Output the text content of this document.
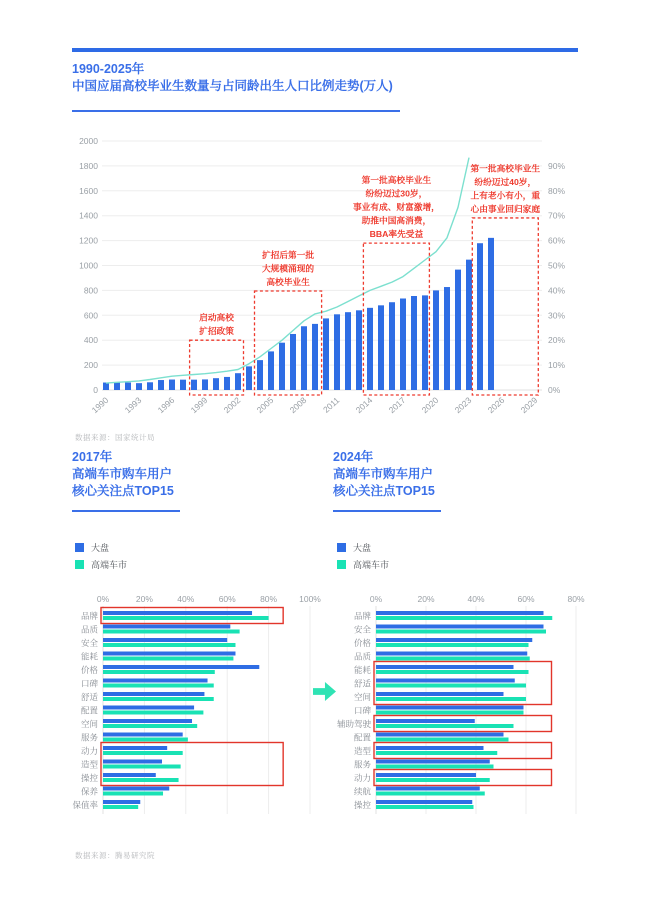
1990-2025年
中国应届高校毕业生数量与占同龄出生人口比例走势(万人)
0	0%
200	10%
400	20%
600	30%
800	40%
1000	50%
1200	60%
1400	70%
1600	80%
1800	90%
2000
1990 1993 1996 1999 2002 2005 2008 2011 2014 2017 2020 2023 2026 2029
启动高校
扩招政策
扩招后第一批
大规模涌现的
高校毕业生
第一批高校毕业生
纷纷迈过30岁，
事业有成、财富激增，
助推中国高消费，
BBA率先受益
第一批高校毕业生
纷纷迈过40岁，
上有老小有小，重
心由事业回归家庭
数据来源：国家统计局
2017年
高端车市购车用户
核心关注点TOP15
2024年
高端车市购车用户
核心关注点TOP15
大盘
高端车市
大盘
高端车市
0%	20%	40%	60%	80%	100%
品牌
品质
安全
能耗
价格
口碑
舒适
配置
空间
服务
动力
造型
操控
保养
保值率
0%	20%	40%	60%	80%
品牌
安全
价格
品质
能耗
舒适
空间
口碑
辅助驾驶
配置
造型
服务
动力
续航
操控
数据来源：腾易研究院
